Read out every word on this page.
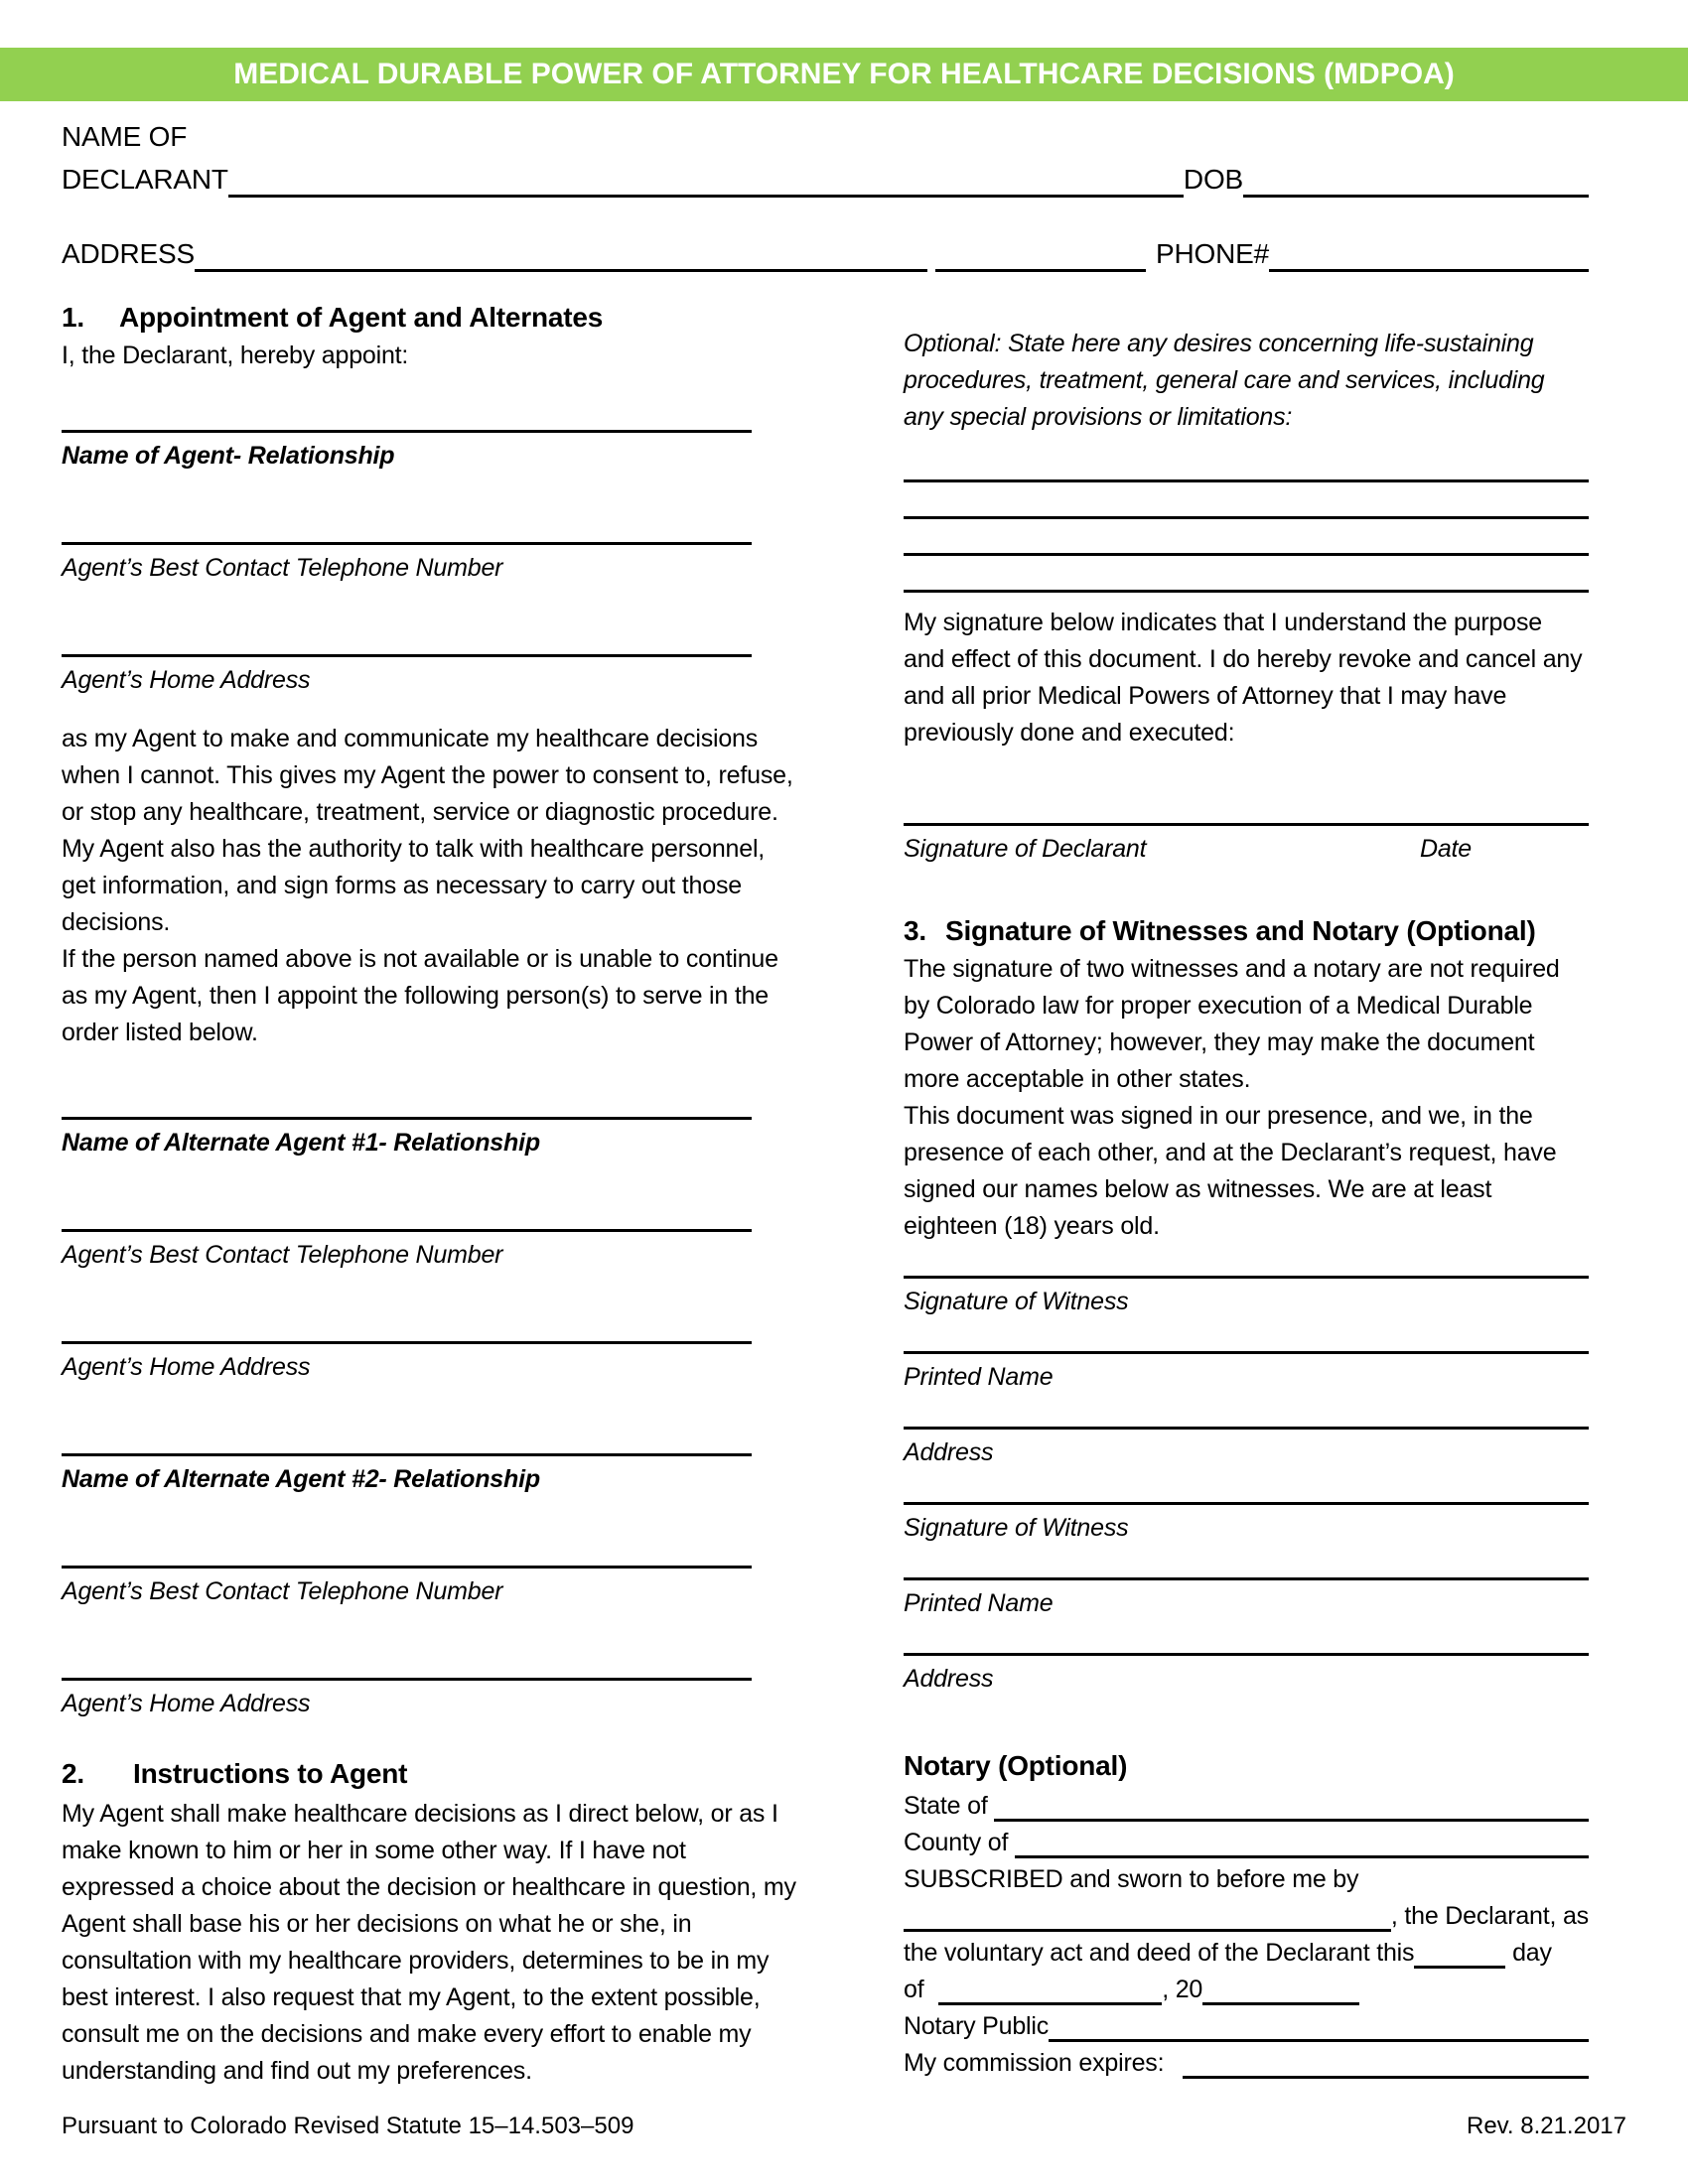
MEDICAL DURABLE POWER OF ATTORNEY FOR HEALTHCARE DECISIONS (MDPOA)
NAME OF
DECLARANT	DOB
ADDRESS	PHONE#
1.	Appointment of Agent and Alternates
I, the Declarant, hereby appoint:
Name of Agent- Relationship
Agent’s Best Contact Telephone Number
Agent’s Home Address
as my Agent to make and communicate my healthcare decisions when I cannot. This gives my Agent the power to consent to, refuse, or stop any healthcare, treatment, service or diagnostic procedure. My Agent also has the authority to talk with healthcare personnel, get information, and sign forms as necessary to carry out those decisions.
If the person named above is not available or is unable to continue as my Agent, then I appoint the following person(s) to serve in the order listed below.
Name of Alternate Agent #1- Relationship
Agent’s Best Contact Telephone Number
Agent’s Home Address
Name of Alternate Agent #2- Relationship
Agent’s Best Contact Telephone Number
Agent’s Home Address
2.	Instructions to Agent
My Agent shall make healthcare decisions as I direct below, or as I make known to him or her in some other way. If I have not expressed a choice about the decision or healthcare in question, my Agent shall base his or her decisions on what he or she, in consultation with my healthcare providers, determines to be in my best interest. I also request that my Agent, to the extent possible, consult me on the decisions and make every effort to enable my understanding and find out my preferences.
Optional: State here any desires concerning life-sustaining procedures, treatment, general care and services, including any special provisions or limitations:
My signature below indicates that I understand the purpose and effect of this document. I do hereby revoke and cancel any and all prior Medical Powers of Attorney that I may have previously done and executed:
Signature of Declarant	Date
3. Signature of Witnesses and Notary (Optional)
The signature of two witnesses and a notary are not required by Colorado law for proper execution of a Medical Durable Power of Attorney; however, they may make the document more acceptable in other states.
This document was signed in our presence, and we, in the presence of each other, and at the Declarant’s request, have signed our names below as witnesses. We are at least eighteen (18) years old.
Signature of Witness
Printed Name
Address
Signature of Witness
Printed Name
Address
Notary (Optional)
State of
County of
SUBSCRIBED and sworn to before me by
, the Declarant, as
the voluntary act and deed of the Declarant this	day
of	, 20
Notary Public
My commission expires:
Pursuant to Colorado Revised Statute 15–14.503–509	Rev. 8.21.2017
